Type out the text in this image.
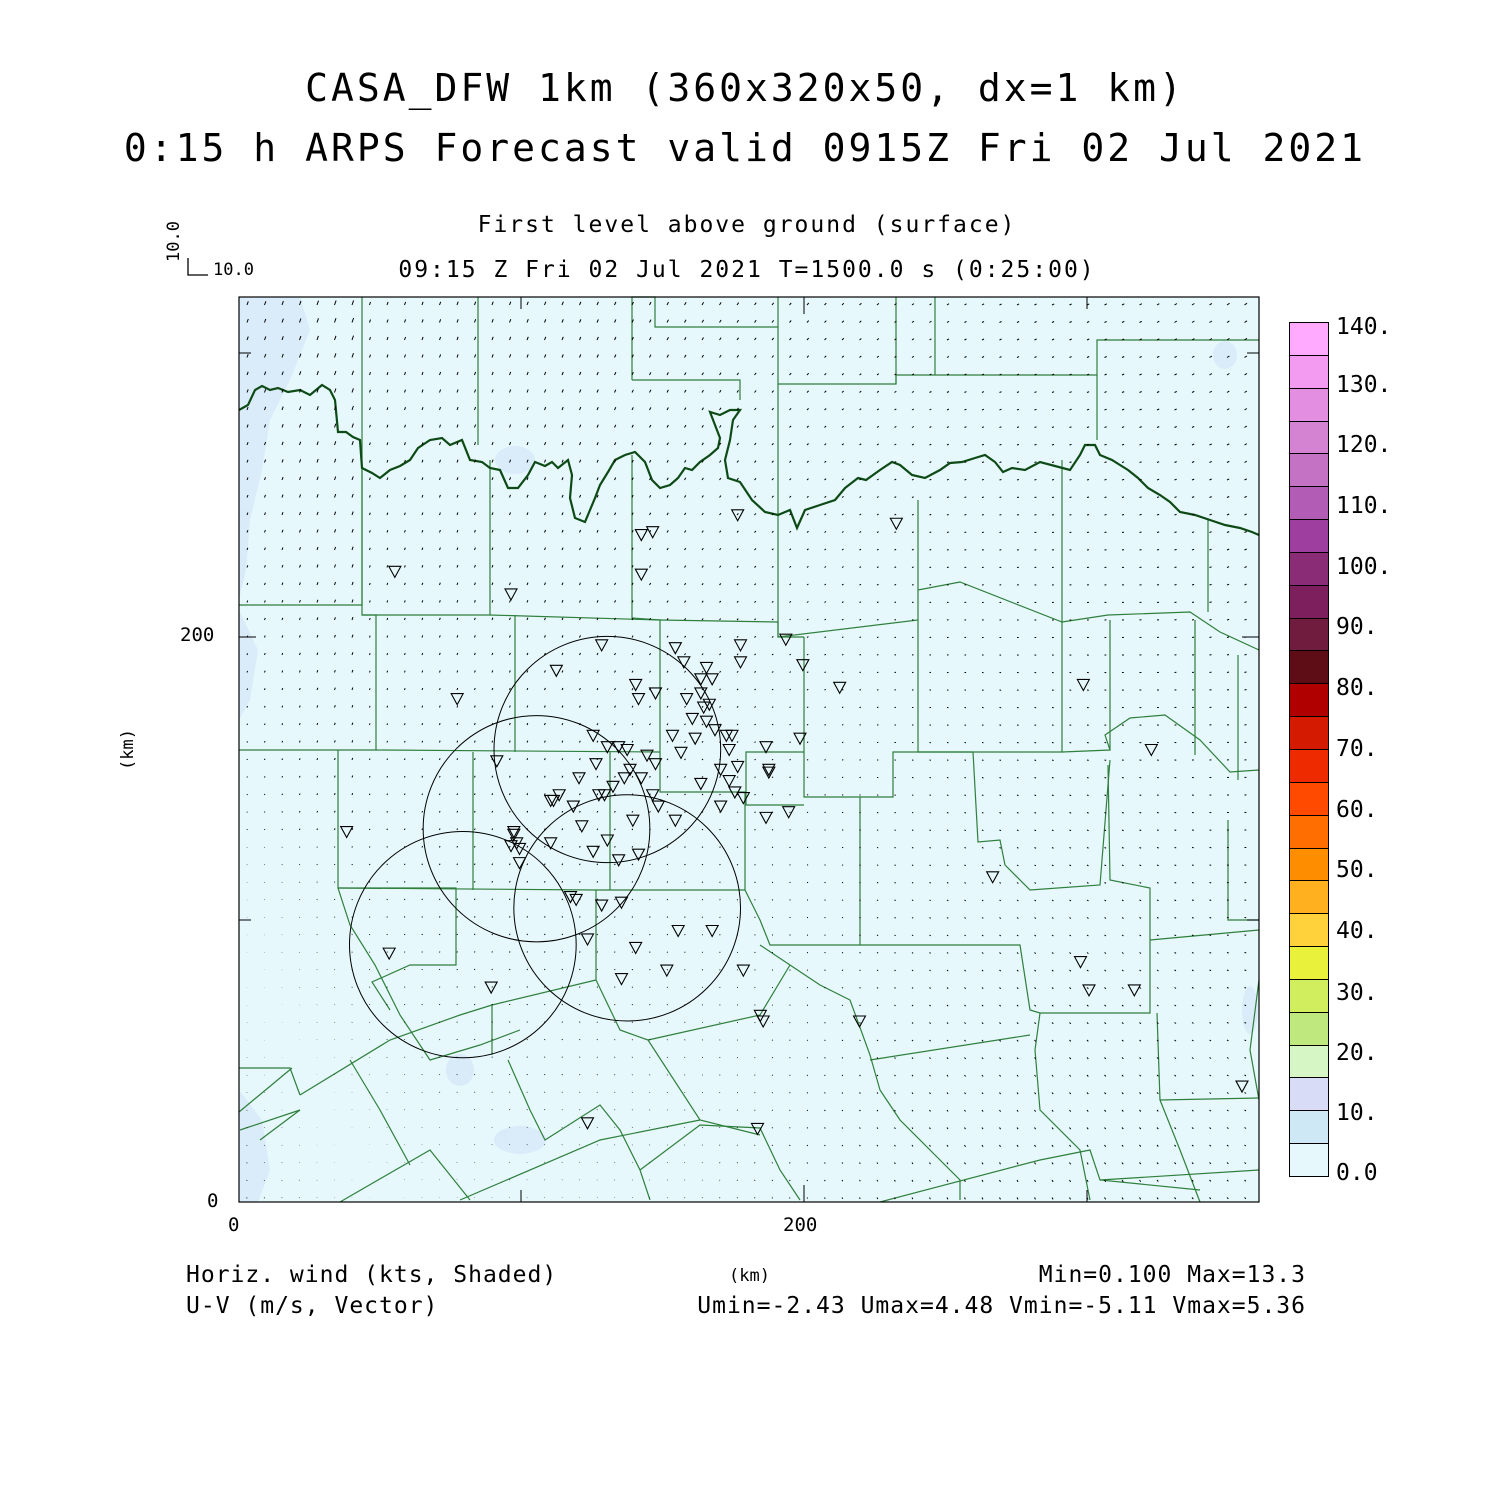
CASA_DFW 1km (360x320x50, dx=1 km)
0:15 h ARPS Forecast valid 0915Z Fri 02 Jul 2021
First level above ground (surface)
09:15 Z Fri 02 Jul 2021 T=1500.0 s (0:25:00)
10.0
10.0
0	200
0
200
(km)
Horiz. wind (kts, Shaded)
U-V (m/s, Vector)
(km)	Min=0.100 Max=13.3
Umin=-2.43 Umax=4.48 Vmin=-5.11 Vmax=5.36
140.
130.
120.
110.
100.
90.
80.
70.
60.
50.
40.
30.
20.
10.
0.0
